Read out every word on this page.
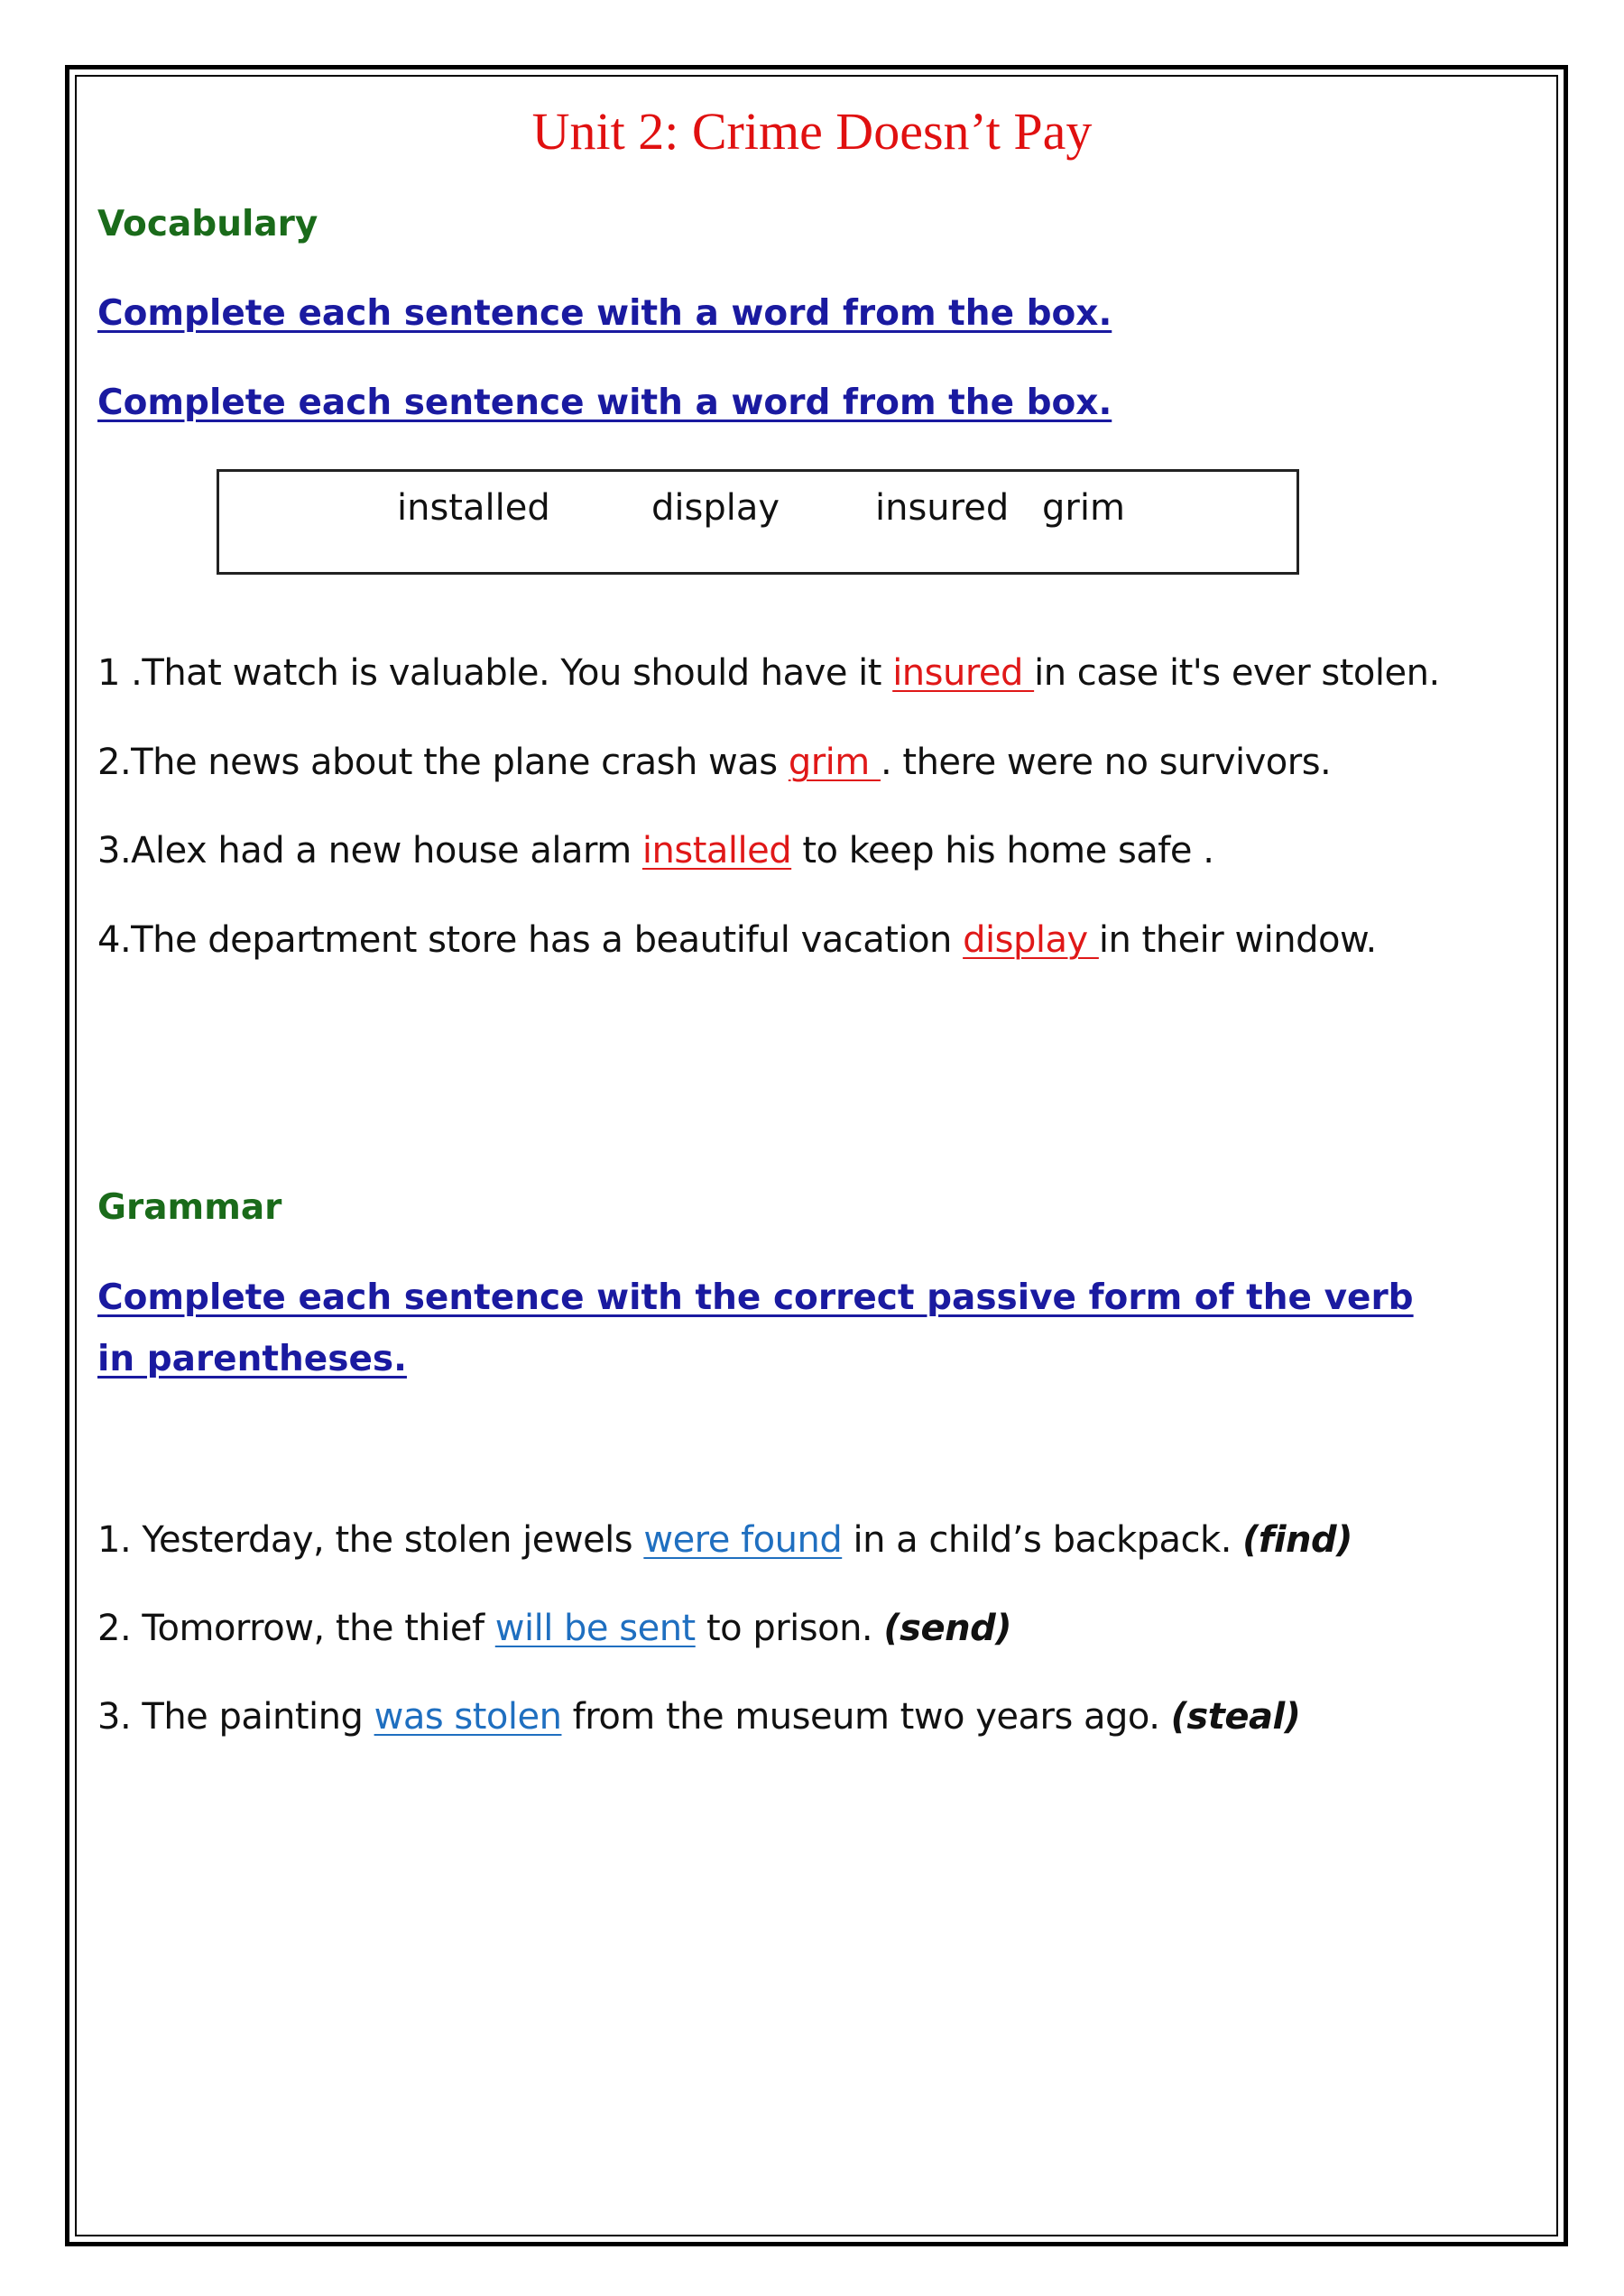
Unit 2: Crime Doesn’t Pay
Vocabulary
Complete each sentence with a word from the box.
Complete each sentence with a word from the box.
installed	display	insured grim
1 .That watch is valuable. You should have it insured in case it's ever stolen.
2.The news about the plane crash was grim . there were no survivors.
3.Alex had a new house alarm installed to keep his home safe .
4.The department store has a beautiful vacation display in their window.
Grammar
Complete each sentence with the correct passive form of the verb
in parentheses.
1. Yesterday, the stolen jewels were found in a child’s backpack. (find)
2. Tomorrow, the thief will be sent to prison. (send)
3. The painting was stolen from the museum two years ago. (steal)
